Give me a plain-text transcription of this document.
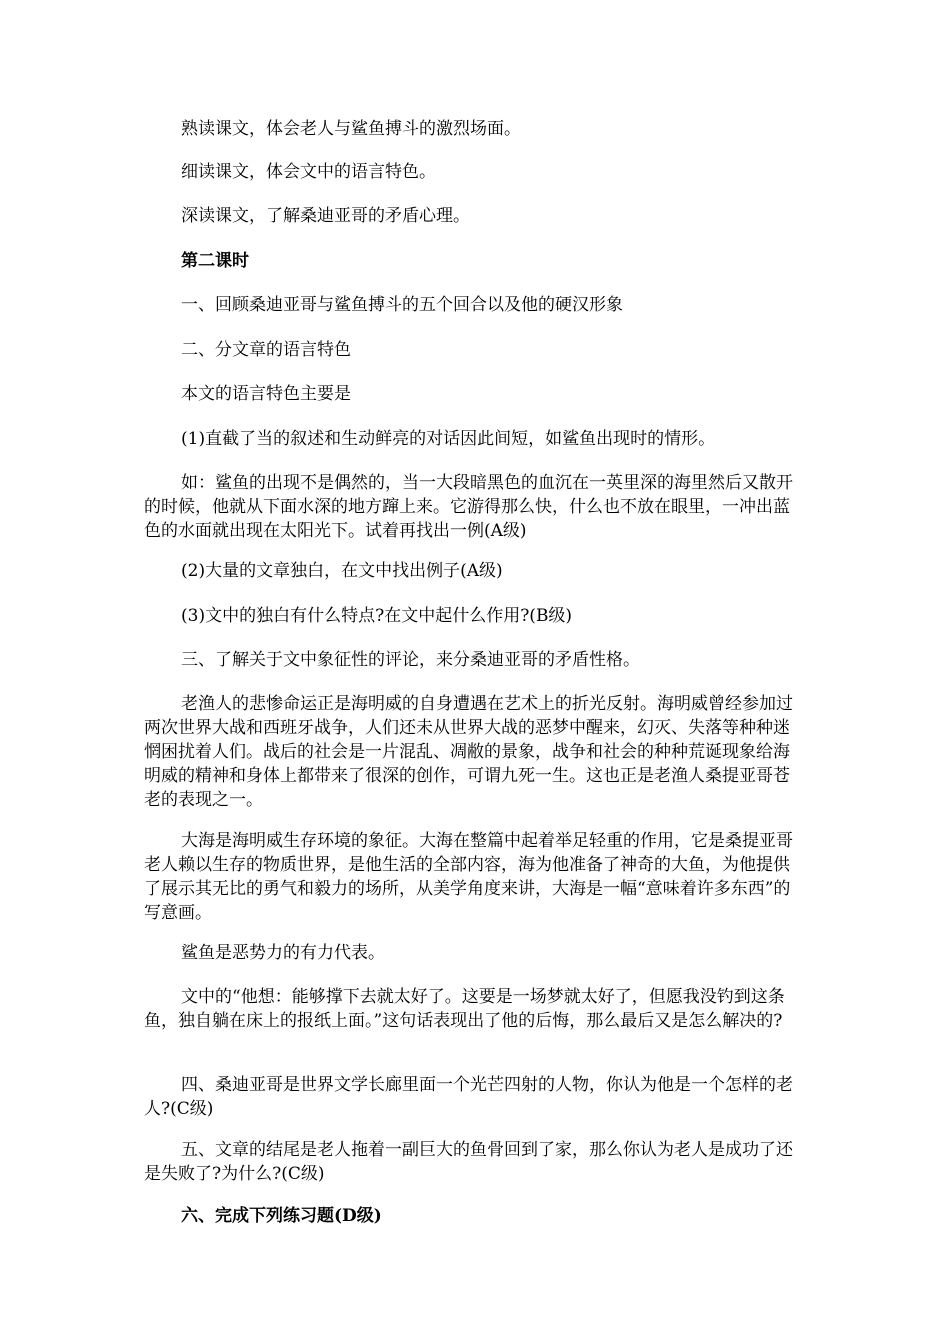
熟读课文，体会老人与鲨鱼搏斗的激烈场面。

细读课文，体会文中的语言特色。

深读课文，了解桑迪亚哥的矛盾心理。

第二课时

一、回顾桑迪亚哥与鲨鱼搏斗的五个回合以及他的硬汉形象

二、分文章的语言特色

本文的语言特色主要是

(1)直截了当的叙述和生动鲜亮的对话因此间短，如鲨鱼出现时的情形。

如：鲨鱼的出现不是偶然的，当一大段暗黑色的血沉在一英里深的海里然后又散开的时候，他就从下面水深的地方蹿上来。它游得那么快，什么也不放在眼里，一冲出蓝色的水面就出现在太阳光下。试着再找出一例(A级)

(2)大量的文章独白，在文中找出例子(A级)

(3)文中的独白有什么特点?在文中起什么作用?(B级)

三、了解关于文中象征性的评论，来分桑迪亚哥的矛盾性格。

老渔人的悲惨命运正是海明威的自身遭遇在艺术上的折光反射。海明威曾经参加过两次世界大战和西班牙战争，人们还未从世界大战的恶梦中醒来，幻灭、失落等种种迷惘困扰着人们。战后的社会是一片混乱、凋敝的景象，战争和社会的种种荒诞现象给海明威的精神和身体上都带来了很深的创作，可谓九死一生。这也正是老渔人桑提亚哥苍老的表现之一。

大海是海明威生存环境的象征。大海在整篇中起着举足轻重的作用，它是桑提亚哥老人赖以生存的物质世界，是他生活的全部内容，海为他准备了神奇的大鱼，为他提供了展示其无比的勇气和毅力的场所，从美学角度来讲，大海是一幅“意味着许多东西”的写意画。

鲨鱼是恶势力的有力代表。

文中的“他想：能够撑下去就太好了。这要是一场梦就太好了，但愿我没钓到这条鱼，独自躺在床上的报纸上面。”这句话表现出了他的后悔，那么最后又是怎么解决的?

四、桑迪亚哥是世界文学长廊里面一个光芒四射的人物，你认为他是一个怎样的老人?(C级)

五、文章的结尾是老人拖着一副巨大的鱼骨回到了家，那么你认为老人是成功了还是失败了?为什么?(C级)

六、完成下列练习题(D级)
